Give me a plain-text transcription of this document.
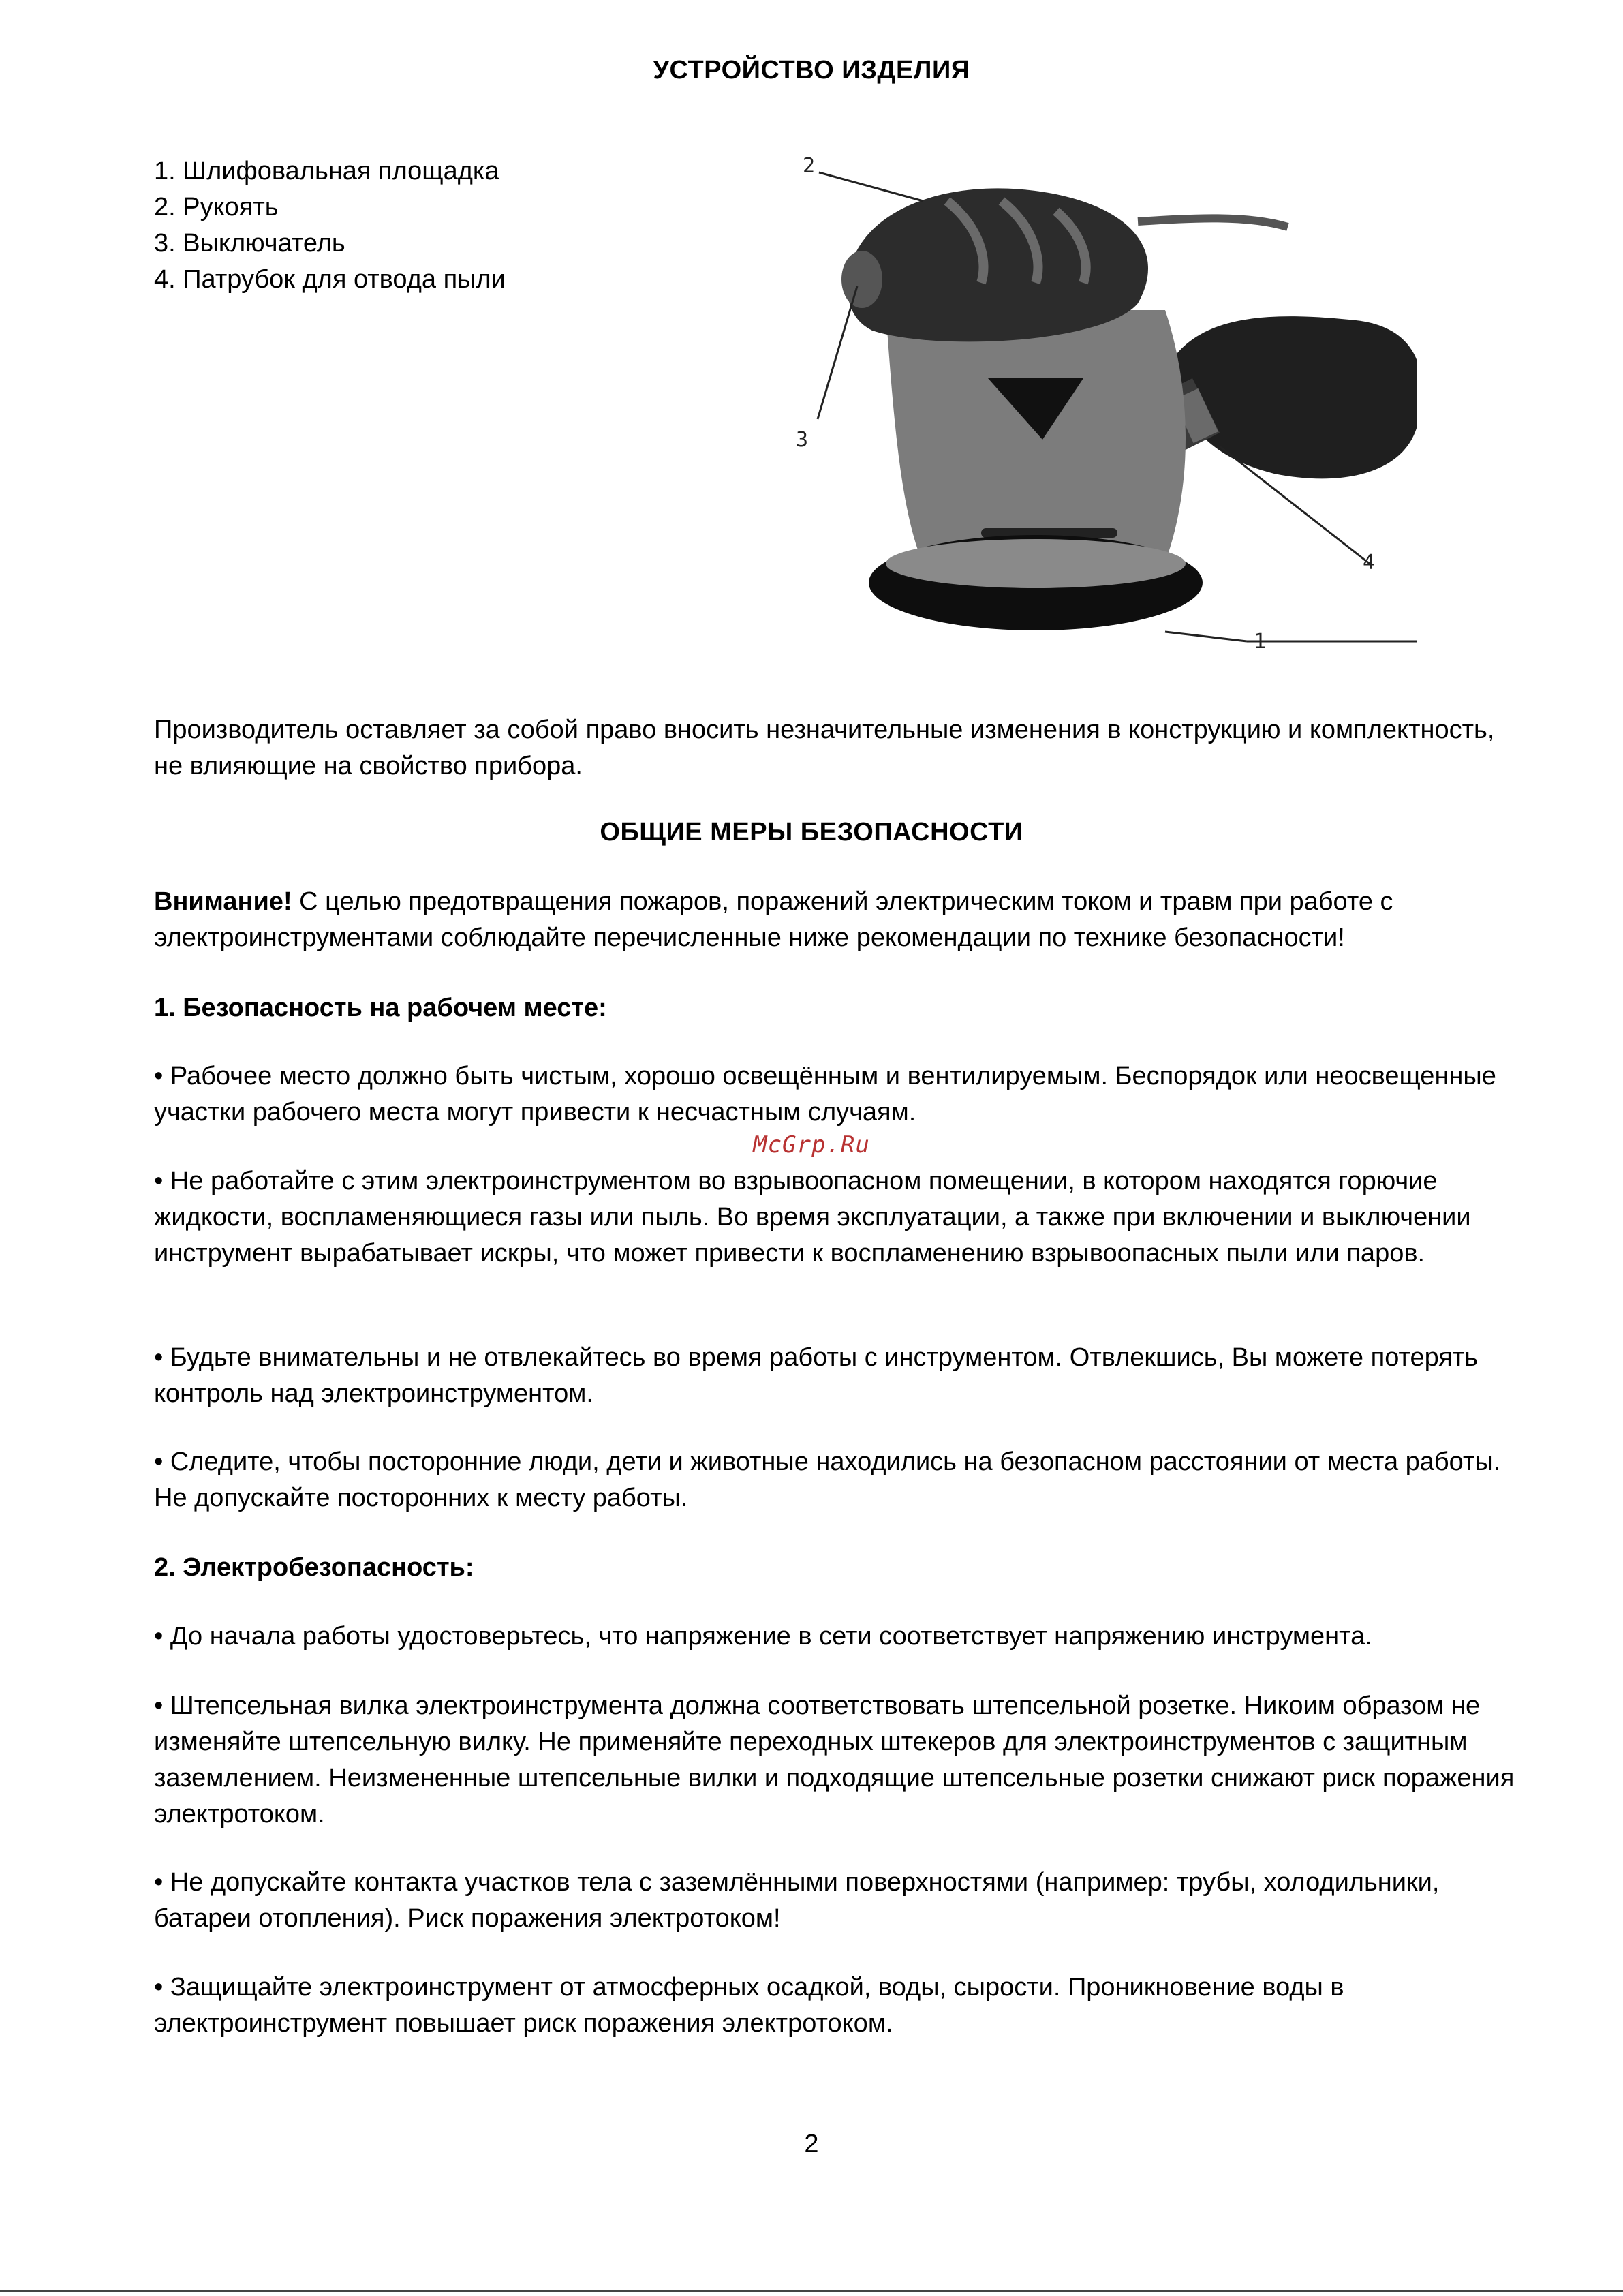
УСТРОЙСТВО ИЗДЕЛИЯ
1. Шлифовальная площадка
2. Рукоять
3. Выключатель
4. Патрубок для отвода пыли
2
3
4
1
Производитель оставляет за собой право вносить незначительные изменения в конструкцию и комплектность, не влияющие на свойство прибора.
ОБЩИЕ МЕРЫ БЕЗОПАСНОСТИ
Внимание! С целью предотвращения пожаров, поражений электрическим током и травм при работе с электроинструментами соблюдайте перечисленные ниже рекомендации по технике безопасности!
1. Безопасность на рабочем месте:
• Рабочее место должно быть чистым, хорошо освещённым и вентилируемым. Беспорядок или неосвещенные участки рабочего места могут привести к несчастным случаям.
McGrp.Ru
• Не работайте с этим электроинструментом во взрывоопасном помещении, в котором находятся горючие жидкости, воспламеняющиеся газы или пыль. Во время эксплуатации, а также при включении и выключении инструмент вырабатывает искры, что может привести к воспламенению взрывоопасных пыли или паров.
• Будьте внимательны и не отвлекайтесь во время работы с инструментом. Отвлекшись, Вы можете потерять контроль над электроинструментом.
• Следите, чтобы посторонние люди, дети и животные находились на безопасном расстоянии от места работы. Не допускайте посторонних к месту работы.
2. Электробезопасность:
• До начала работы удостоверьтесь, что напряжение в сети соответствует напряжению инструмента.
• Штепсельная вилка электроинструмента должна соответствовать штепсельной розетке. Никоим образом не изменяйте штепсельную вилку. Не применяйте переходных штекеров для электроинструментов с защитным заземлением. Неизмененные штепсельные вилки и подходящие штепсельные розетки снижают риск поражения электротоком.
• Не допускайте контакта участков тела с заземлёнными поверхностями (например: трубы, холодильники, батареи отопления). Риск поражения электротоком!
• Защищайте электроинструмент от атмосферных осадкой, воды, сырости. Проникновение воды в электроинструмент повышает риск поражения электротоком.
2
